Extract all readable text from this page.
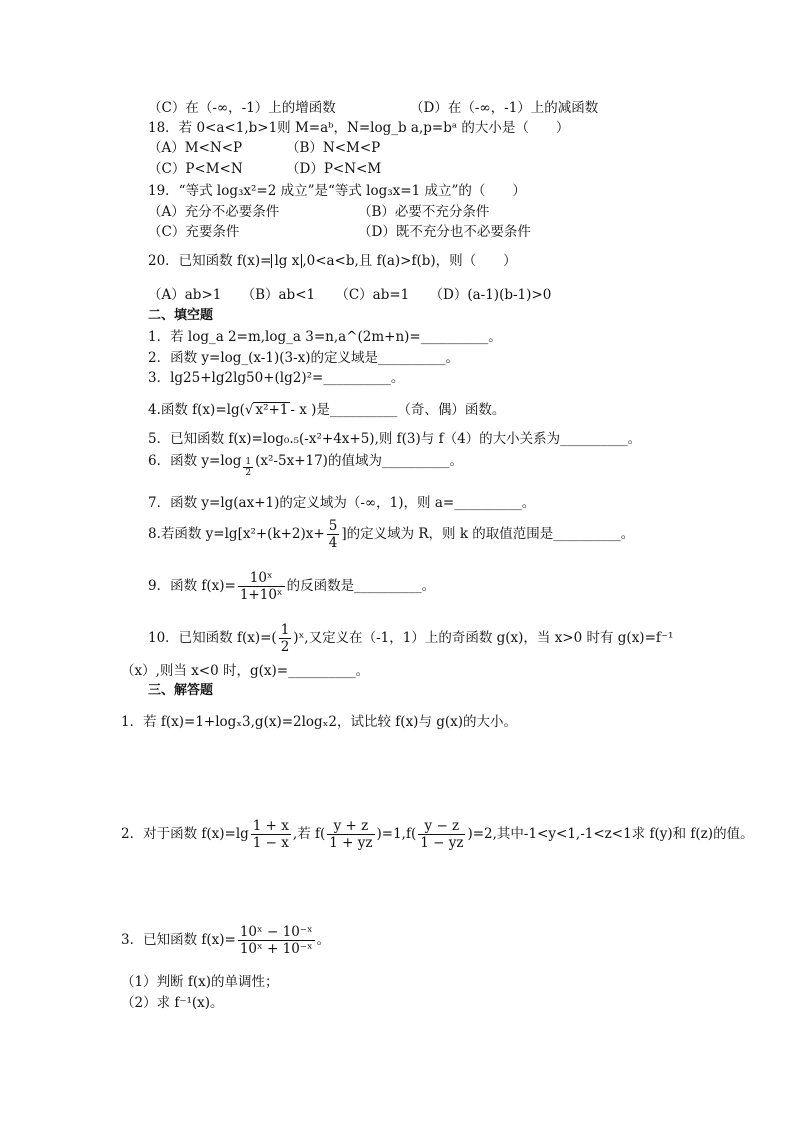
（C）在（-∞，-1）上的增函数	（D）在（-∞，-1）上的减函数
18．若 0<a<1,b>1则 M=aᵇ，N=log_b a,p=bᵃ 的大小是（　　）
（A）M<N<P	（B）N<M<P
（C）P<M<N	（D）P<N<M
19．“等式 log₃x²=2 成立”是“等式 log₃x=1 成立”的（　　）
（A）充分不必要条件	（B）必要不充分条件
（C）充要条件	（D）既不充分也不必要条件
20．已知函数 f(x)= lg x ,0<a<b,且 f(a)>f(b)，则（　　）
（A）ab>1　　（B）ab<1　　（C）ab=1　　（D）(a-1)(b-1)>0
二、填空题
1．若 log_a 2=m,log_a 3=n,a^(2m+n)=__________。
2．函数 y=log_(x-1)(3-x)的定义域是__________。
3．lg25+lg2lg50+(lg2)²=__________。
4.函数 f(x)=lg(√ x²+1 - x )是__________（奇、偶）函数。
5．已知函数 f(x)=log₀.₅(-x²+4x+5),则 f(3)与 f（4）的大小关系为__________。
6．函数 $y=\log \frac{1}{2} (x^2-5x+17)$的值域为__________。
7．函数 y=lg(ax+1)的定义域为（-∞，1)，则 a=__________。
8.若函数 $y=\lg[x^2+(k+2)x+ \frac{5}{4}$ ]的定义域为 R，则 k 的取值范围是__________。
9．函数 $f(x)= \frac{\text{10ˣ}}{\text{1+10ˣ}}$ 的反函数是__________。
10．已知函数 $f(x)=( \frac{1}{2}$ )ˣ,又定义在（-1，1）上的奇函数 g(x)，当 x>0 时有 g(x)=f⁻¹
（x）,则当 x<0 时，g(x)=__________。
三、解答题
1．若 f(x)=1+logₓ3,g(x)=2logₓ2，试比较 f(x)与 g(x)的大小。
2．对于函数 $f(x)=\lg \frac{1 + x}{1 - x}$ ,若 $f( \frac{y + z}{1 + yz} )=1,f( \frac{y - z}{1 - yz} )=2$,其中-1<y<1,-1<z<1求 f(y)和 f(z)的值。
3．已知函数 $f(x)= \frac{\text{10ˣ − 10⁻ˣ}}{\text{10ˣ + 10⁻ˣ}}$ 。
（1）判断 f(x)的单调性；
（2）求 f⁻¹(x)。
